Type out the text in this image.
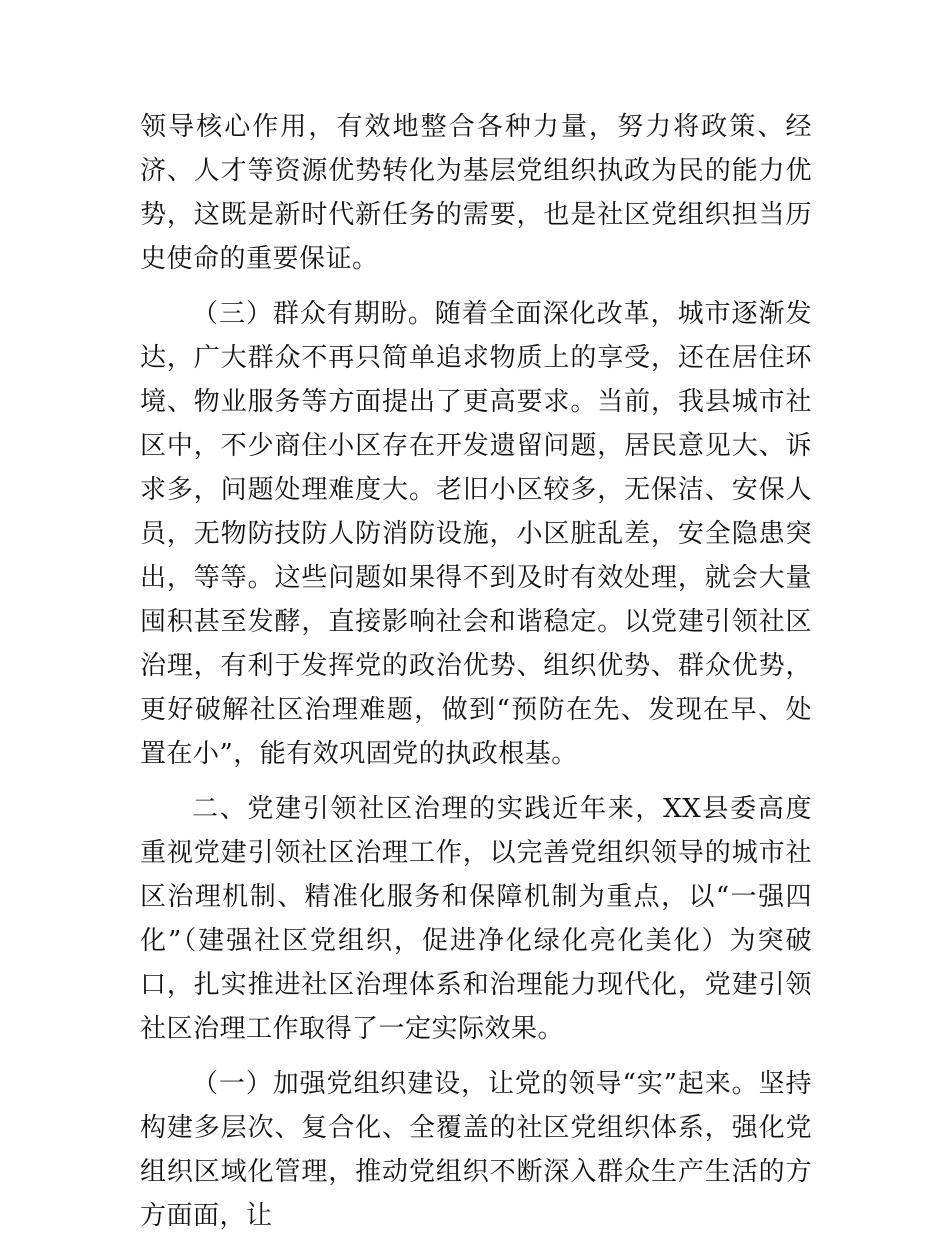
领导核心作用，有效地整合各种力量，努力将政策、经济、人才等资源优势转化为基层党组织执政为民的能力优势，这既是新时代新任务的需要，也是社区党组织担当历史使命的重要保证。

（三）群众有期盼。随着全面深化改革，城市逐渐发达，广大群众不再只简单追求物质上的享受，还在居住环境、物业服务等方面提出了更高要求。当前，我县城市社区中，不少商住小区存在开发遗留问题，居民意见大、诉求多，问题处理难度大。老旧小区较多，无保洁、安保人员，无物防技防人防消防设施，小区脏乱差，安全隐患突出，等等。这些问题如果得不到及时有效处理，就会大量囤积甚至发酵，直接影响社会和谐稳定。以党建引领社区治理，有利于发挥党的政治优势、组织优势、群众优势，更好破解社区治理难题，做到“预防在先、发现在早、处置在小”，能有效巩固党的执政根基。

二、党建引领社区治理的实践近年来，XX县委高度重视党建引领社区治理工作，以完善党组织领导的城市社区治理机制、精准化服务和保障机制为重点，以“一强四化”（建强社区党组织，促进净化绿化亮化美化）为突破口，扎实推进社区治理体系和治理能力现代化，党建引领社区治理工作取得了一定实际效果。

（一）加强党组织建设，让党的领导“实”起来。坚持构建多层次、复合化、全覆盖的社区党组织体系，强化党组织区域化管理，推动党组织不断深入群众生产生活的方方面面，让
